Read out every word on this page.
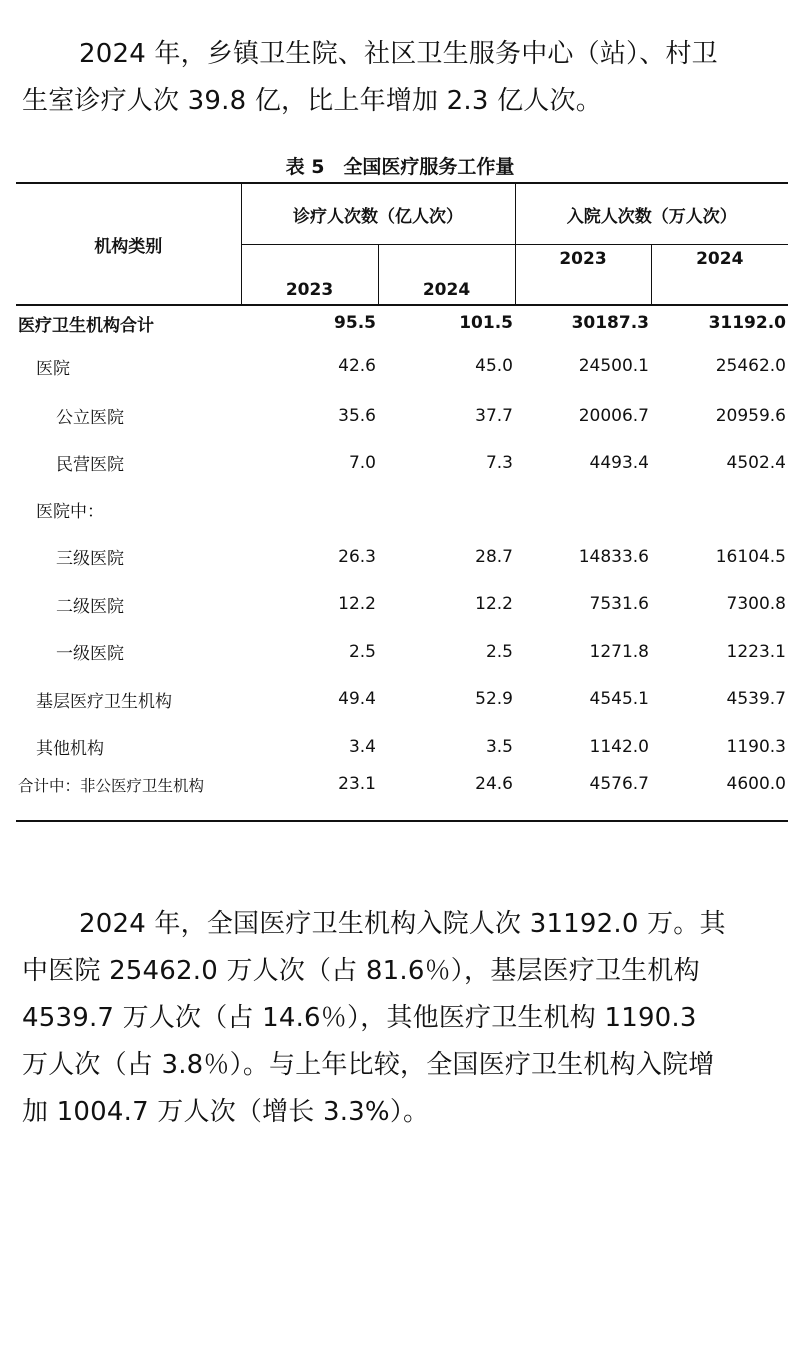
2024 年，乡镇卫生院、社区卫生服务中心（站）、村卫
生室诊疗人次 39.8 亿，比上年增加 2.3 亿人次。
表 5　全国医疗服务工作量
机构类别	诊疗人次数（亿人次）		入院人次数（万人次）	
	2023	2024	2023	2024
医疗卫生机构合计	95.5	101.5	30187.3	31192.0
医院	42.6	45.0	24500.1	25462.0
公立医院	35.6	37.7	20006.7	20959.6
民营医院	7.0	7.3	4493.4	4502.4
医院中：				
三级医院	26.3	28.7	14833.6	16104.5
二级医院	12.2	12.2	7531.6	7300.8
一级医院	2.5	2.5	1271.8	1223.1
基层医疗卫生机构	49.4	52.9	4545.1	4539.7
其他机构	3.4	3.5	1142.0	1190.3
合计中：非公医疗卫生机构	23.1	24.6	4576.7	4600.0
2024 年，全国医疗卫生机构入院人次 31192.0 万。其
中医院 25462.0 万人次（占 81.6％），基层医疗卫生机构
4539.7 万人次（占 14.6％），其他医疗卫生机构 1190.3
万人次（占 3.8％）。与上年比较，全国医疗卫生机构入院增
加 1004.7 万人次（增长 3.3%）。
